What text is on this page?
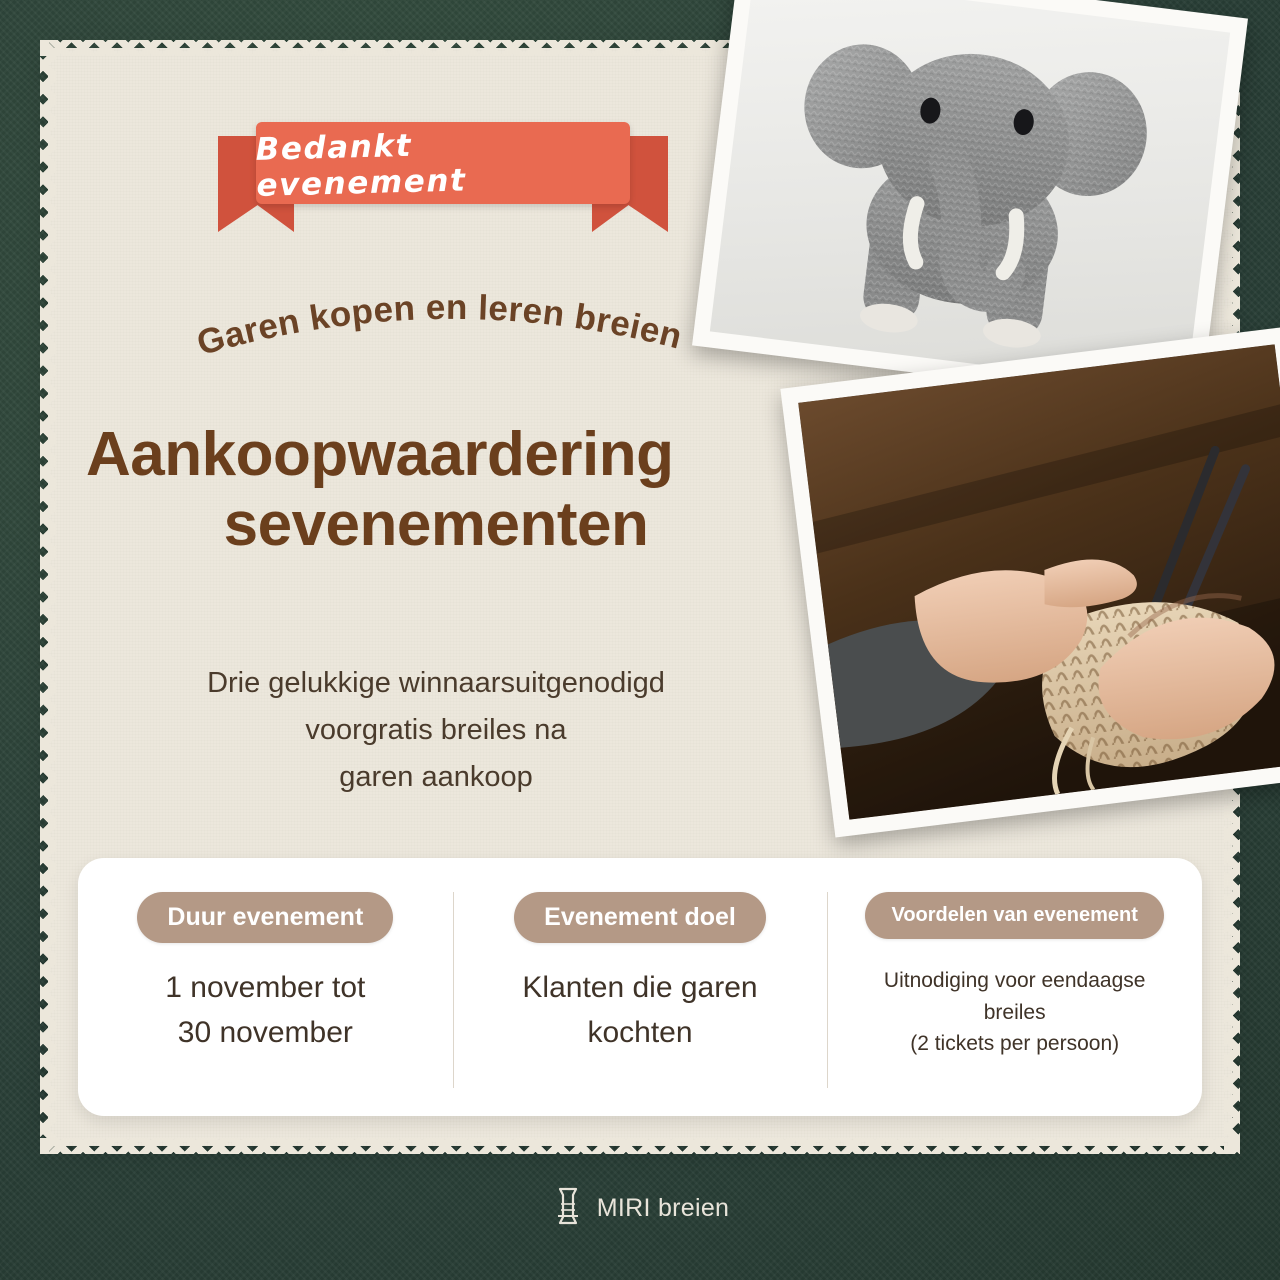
Bedankt evenement
Garen kopen en leren breien
Aankoopwaardering
sevenementen
Drie gelukkige winnaarsuitgenodigd
voorgratis breiles na
garen aankoop
Duur evenement
1 november tot
30 november
Evenement doel
Klanten die garen
kochten
Voordelen van evenement
Uitnodiging voor eendaagse breiles
(2 tickets per persoon)
MIRI breien
